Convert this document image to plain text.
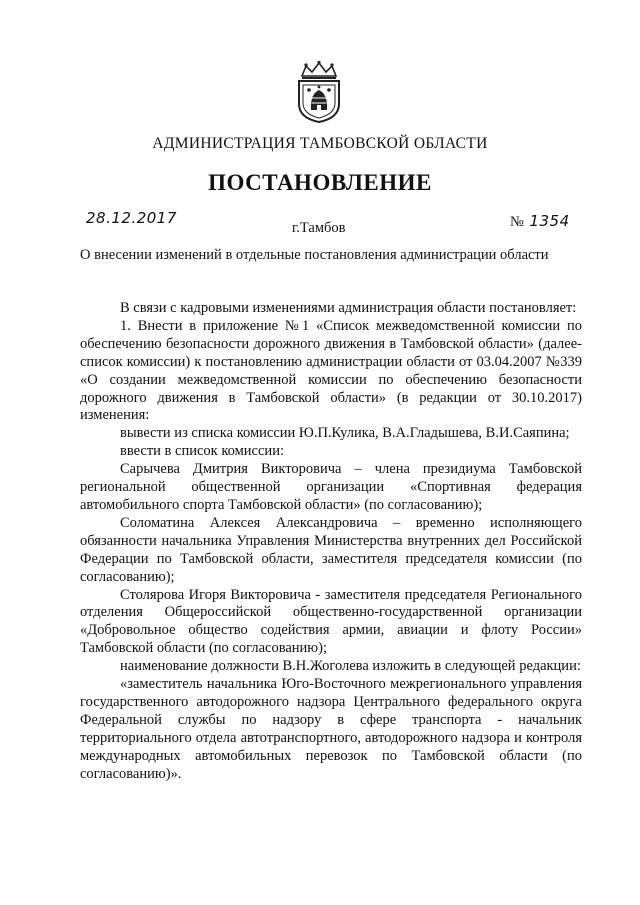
АДМИНИСТРАЦИЯ ТАМБОВСКОЙ ОБЛАСТИ
ПОСТАНОВЛЕНИЕ
28.12.2017
г.Тамбов	№ 1354
О внесении изменений в отдельные постановления администрации области

В связи с кадровыми изменениями администрация области постановляет:

1. Внести в приложение №1 «Список межведомственной комиссии по обеспечению безопасности дорожного движения в Тамбовской области» (далее-список комиссии) к постановлению администрации области от 03.04.2007 №339 «О создании межведомственной комиссии по обеспечению безопасности дорожного движения в Тамбовской области» (в редакции от 30.10.2017) изменения:

вывести из списка комиссии Ю.П.Кулика, В.А.Гладышева, В.И.Саяпина;

ввести в список комиссии:

Сарычева Дмитрия Викторовича – члена президиума Тамбовской региональной общественной организации «Спортивная федерация автомобильного спорта Тамбовской области» (по согласованию);

Соломатина Алексея Александровича – временно исполняющего обязанности начальника Управления Министерства внутренних дел Российской Федерации по Тамбовской области, заместителя председателя комиссии (по согласованию);

Столярова Игоря Викторовича - заместителя председателя Регионального отделения Общероссийской общественно-государственной организации «Добровольное общество содействия армии, авиации и флоту России» Тамбовской области (по согласованию);

наименование должности В.Н.Жоголева изложить в следующей редакции:

«заместитель начальника Юго-Восточного межрегионального управления государственного автодорожного надзора Центрального федерального округа Федеральной службы по надзору в сфере транспорта - начальник территориального отдела автотранспортного, автодорожного надзора и контроля международных автомобильных перевозок по Тамбовской области (по согласованию)».
